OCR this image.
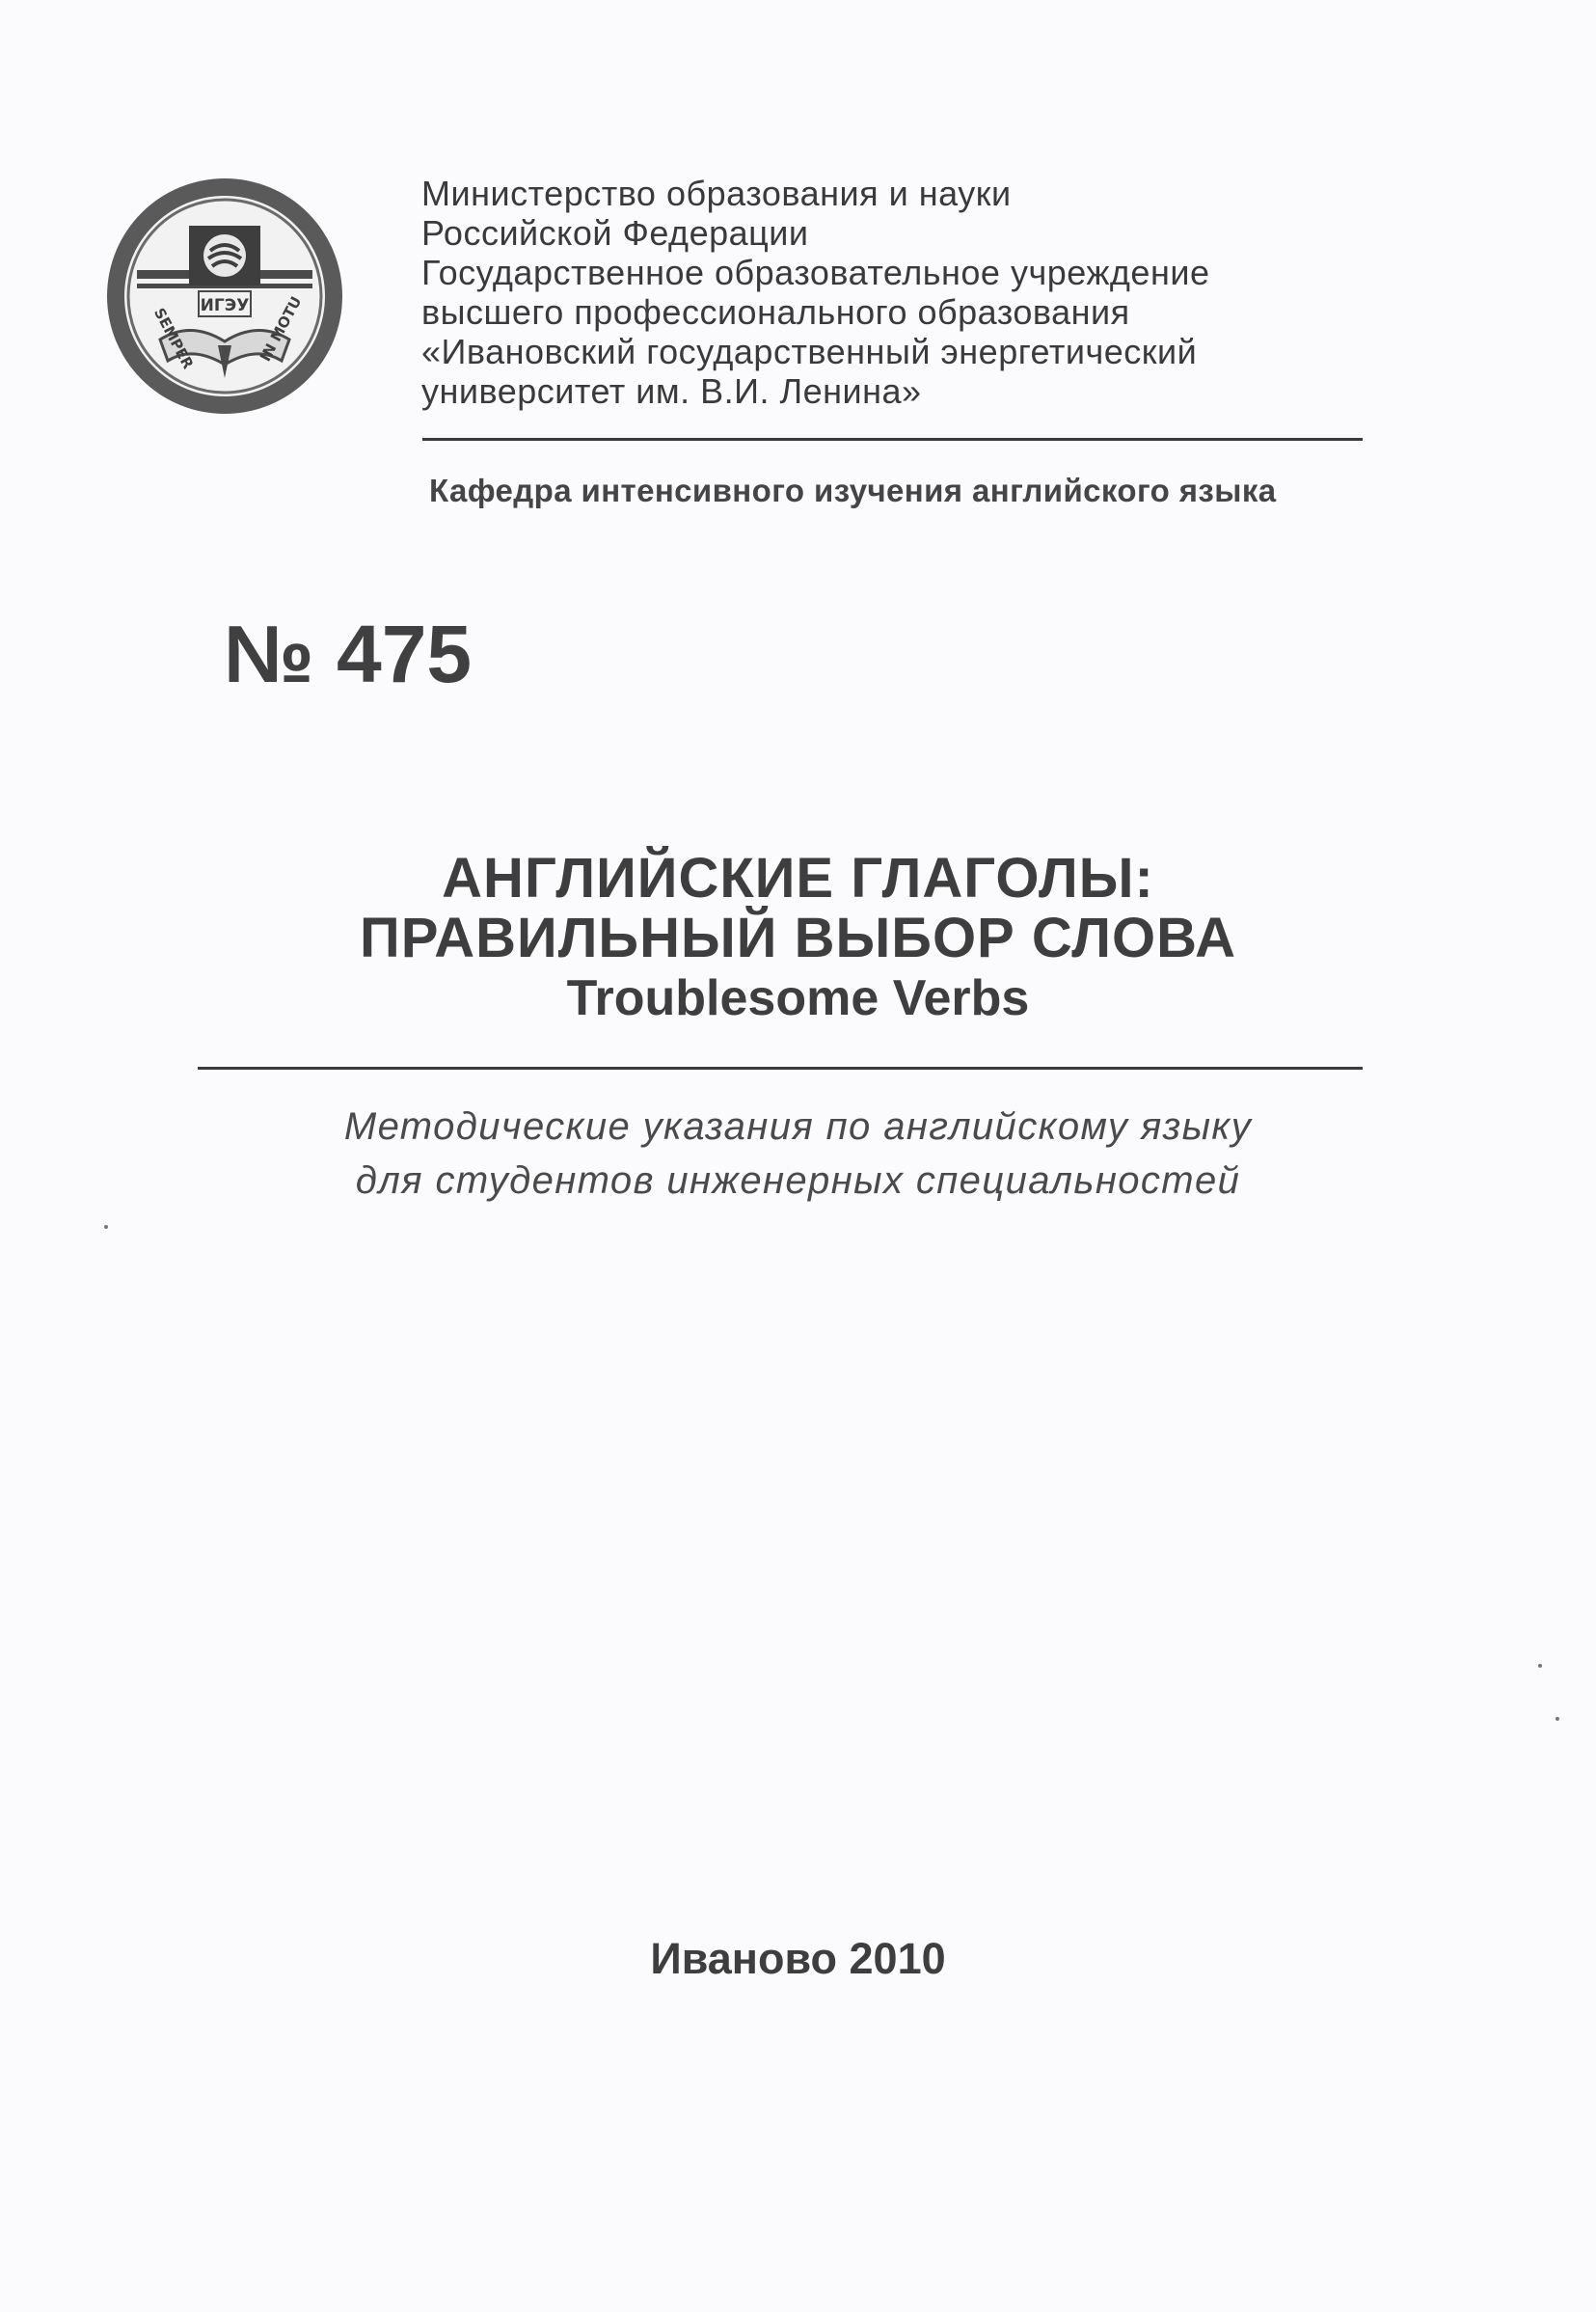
ИГЭУ
SEMPER	IN MOTU
Министерство образования и науки
Российской Федерации
Государственное образовательное учреждение
высшего профессионального образования
«Ивановский государственный энергетический
университет им. В.И. Ленина»
Кафедра интенсивного изучения английского языка
№ 475
АНГЛИЙСКИЕ ГЛАГОЛЫ:
ПРАВИЛЬНЫЙ ВЫБОР СЛОВА
Troublesome Verbs
Методические указания по английскому языку
для студентов инженерных специальностей
Иваново 2010
